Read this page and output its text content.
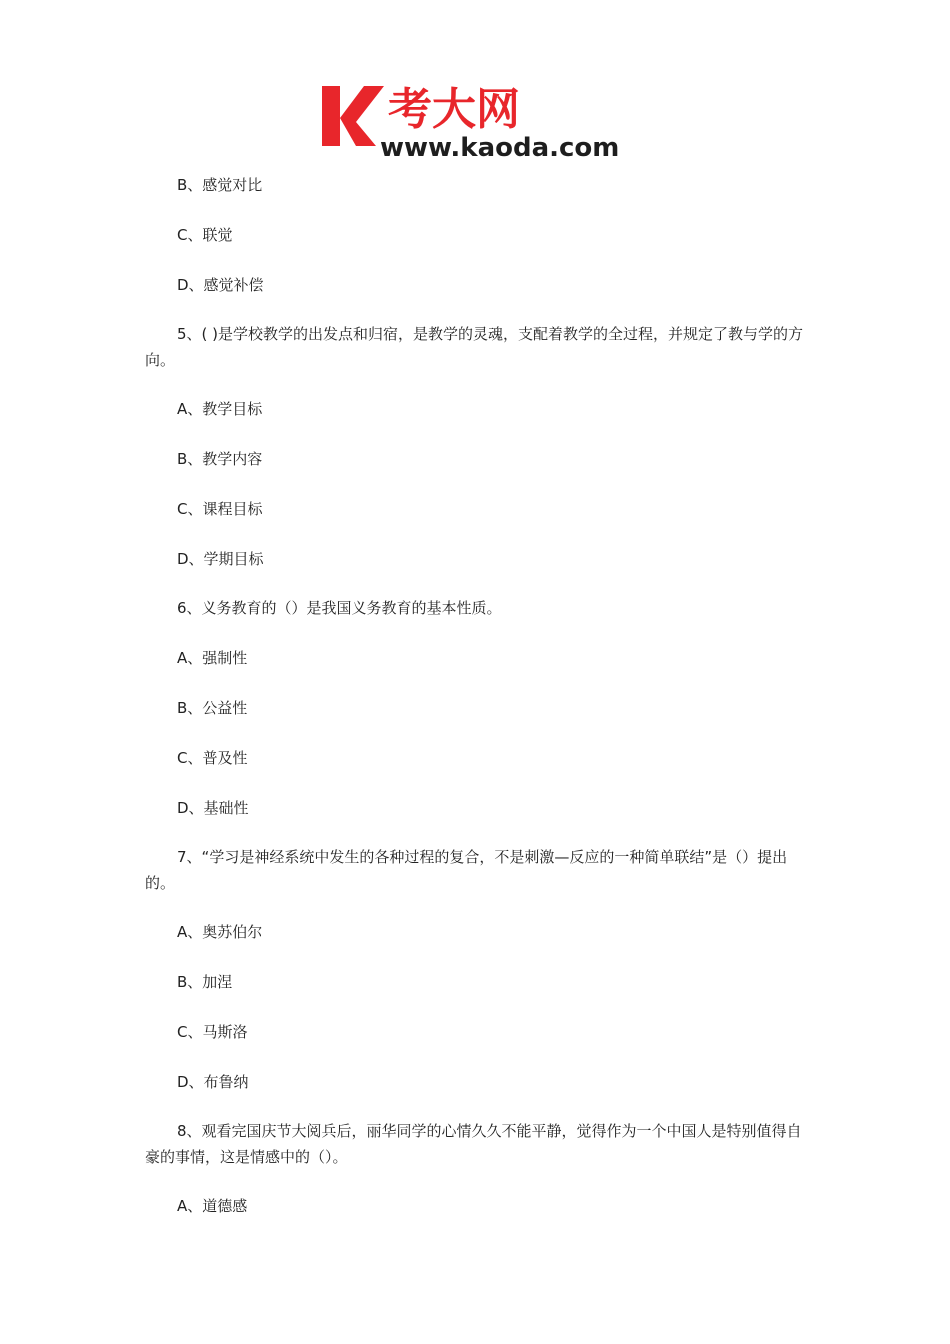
考大网
www.kaoda.com
B、感觉对比
C、联觉
D、感觉补偿
5、( )是学校教学的出发点和归宿，是教学的灵魂，支配着教学的全过程，并规定了教与学的方向。
A、教学目标
B、教学内容
C、课程目标
D、学期目标
6、义务教育的（）是我国义务教育的基本性质。
A、强制性
B、公益性
C、普及性
D、基础性
7、“学习是神经系统中发生的各种过程的复合，不是刺激—反应的一种简单联结”是（）提出的。
A、奥苏伯尔
B、加涅
C、马斯洛
D、布鲁纳
8、观看完国庆节大阅兵后，丽华同学的心情久久不能平静，觉得作为一个中国人是特别值得自豪的事情，这是情感中的（）。
A、道德感
